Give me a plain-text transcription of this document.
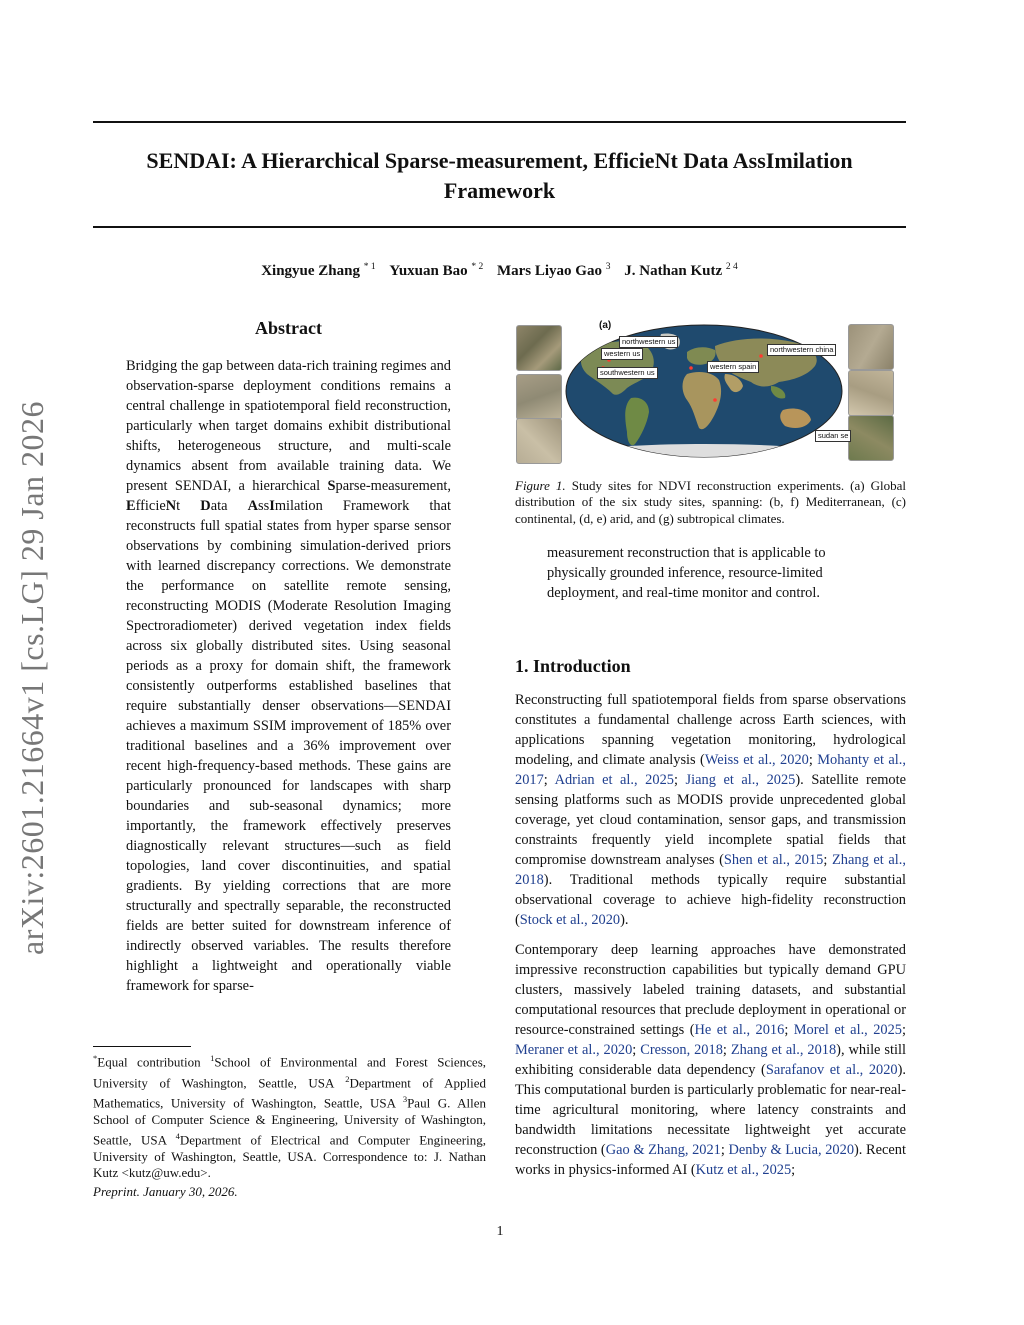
arXiv:2601.21664v1 [cs.LG] 29 Jan 2026
SENDAI: A Hierarchical Sparse-measurement, EfficieNt Data AssImilation Framework
Xingyue Zhang $^{* 1}$ Yuxuan Bao $^{* 2}$ Mars Liyao Gao $^3$ J. Nathan Kutz $^{2 4}$
Abstract
Bridging the gap between data-rich training regimes and observation-sparse deployment conditions remains a central challenge in spatiotemporal field reconstruction, particularly when target domains exhibit distributional shifts, heterogeneous structure, and multi-scale dynamics absent from available training data. We present SENDAI, a hierarchical Sparse-measurement, EfficieNt Data AssImilation Framework that reconstructs full spatial states from hyper sparse sensor observations by combining simulation-derived priors with learned discrepancy corrections. We demonstrate the performance on satellite remote sensing, reconstructing MODIS (Moderate Resolution Imaging Spectroradiometer) derived vegetation index fields across six globally distributed sites. Using seasonal periods as a proxy for domain shift, the framework consistently outperforms established baselines that require substantially denser observations—SENDAI achieves a maximum SSIM improvement of 185% over traditional baselines and a 36% improvement over recent high-frequency-based methods. These gains are particularly pronounced for landscapes with sharp boundaries and sub-seasonal dynamics; more importantly, the framework effectively preserves diagnostically relevant structures—such as field topologies, land cover discontinuities, and spatial gradients. By yielding corrections that are more structurally and spectrally separable, the reconstructed fields are better suited for downstream inference of indirectly observed variables. The results therefore highlight a lightweight and operationally viable framework for sparse-
*Equal contribution $^1$School of Environmental and Forest Sciences, University of Washington, Seattle, USA $^2$Department of Applied Mathematics, University of Washington, Seattle, USA $^3$Paul G. Allen School of Computer Science & Engineering, University of Washington, Seattle, USA $^4$Department of Electrical and Computer Engineering, University of Washington, Seattle, USA. Correspondence to: J. Nathan Kutz <kutz@uw.edu>.
Preprint. January 30, 2026.
(a)
northwestern us
western us
southwestern us
western spain
northwestern china
sudan se
Figure 1. Study sites for NDVI reconstruction experiments. (a) Global distribution of the six study sites, spanning: (b, f) Mediterranean, (c) continental, (d, e) arid, and (g) subtropical climates.
measurement reconstruction that is applicable to physically grounded inference, resource-limited deployment, and real-time monitor and control.
1. Introduction

Reconstructing full spatiotemporal fields from sparse observations constitutes a fundamental challenge across Earth sciences, with applications spanning vegetation monitoring, hydrological modeling, and climate analysis (Weiss et al., 2020; Mohanty et al., 2017; Adrian et al., 2025; Jiang et al., 2025). Satellite remote sensing platforms such as MODIS provide unprecedented global coverage, yet cloud contamination, sensor gaps, and transmission constraints frequently yield incomplete spatial fields that compromise downstream analyses (Shen et al., 2015; Zhang et al., 2018). Traditional methods typically require substantial observational coverage to achieve high-fidelity reconstruction (Stock et al., 2020).

Contemporary deep learning approaches have demonstrated impressive reconstruction capabilities but typically demand GPU clusters, massively labeled training datasets, and substantial computational resources that preclude deployment in operational or resource-constrained settings (He et al., 2016; Morel et al., 2025; Meraner et al., 2020; Cresson, 2018; Zhang et al., 2018), while still exhibiting considerable data dependency (Sarafanov et al., 2020). This computational burden is particularly problematic for near-real-time agricultural monitoring, where latency constraints and bandwidth limitations necessitate lightweight yet accurate reconstruction (Gao & Zhang, 2021; Denby & Lucia, 2020). Recent works in physics-informed AI (Kutz et al., 2025;

1
